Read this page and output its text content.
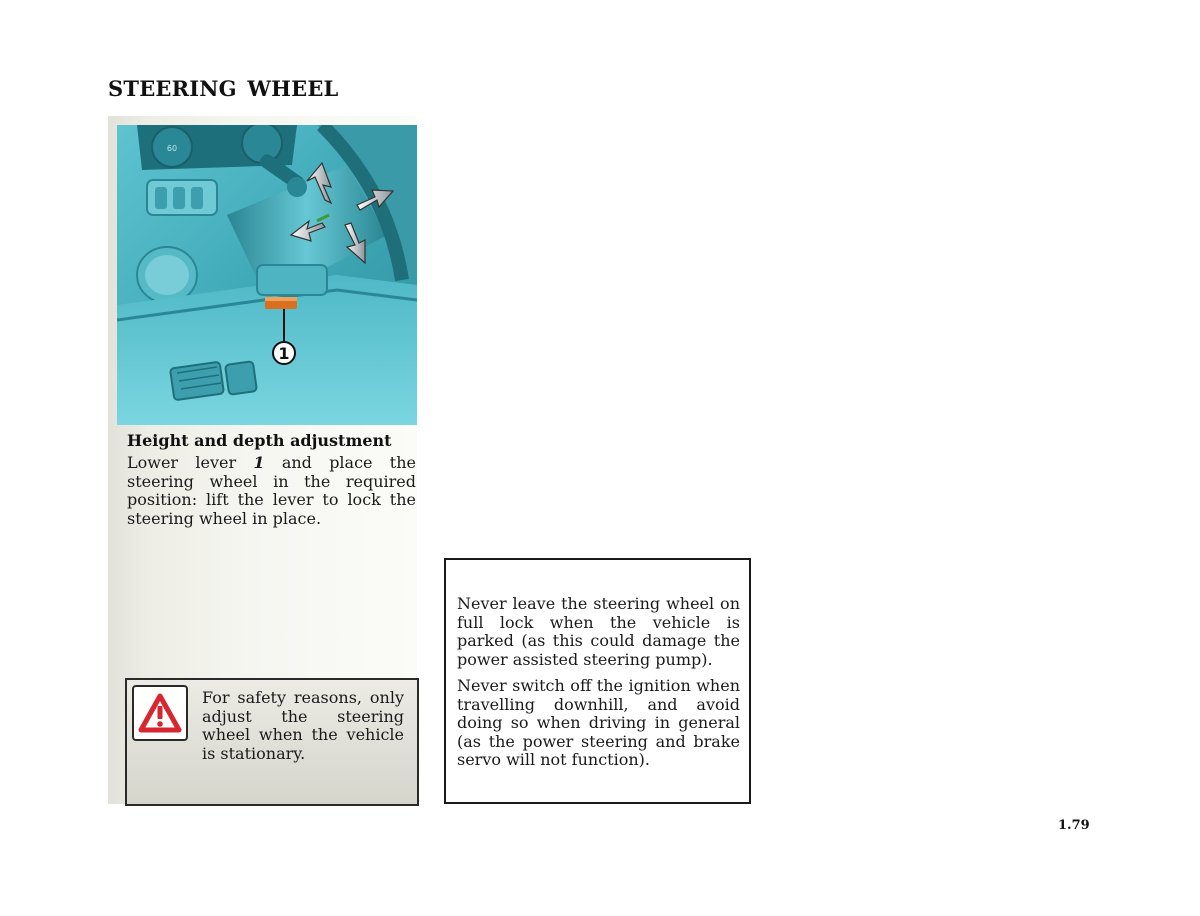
STEERING WHEEL
60
1

Height and depth adjustment

Lower lever 1 and place the steering wheel in the required position: lift the lever to lock the steering wheel in place.

For safety reasons, only adjust the steering wheel when the vehicle is stationary.

Never leave the steering wheel on full lock when the vehicle is parked (as this could damage the power assisted steering pump).

Never switch off the ignition when travelling downhill, and avoid doing so when driving in general (as the power steering and brake servo will not function).

1.79
